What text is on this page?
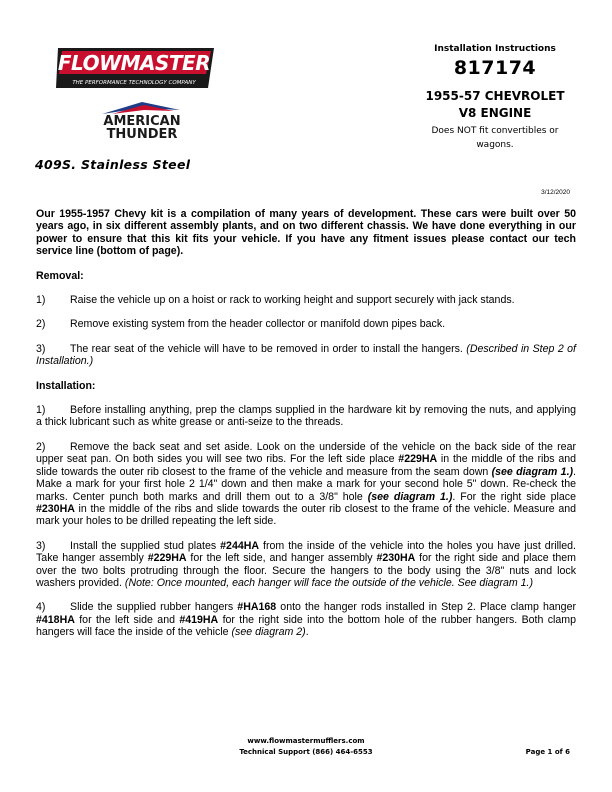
FLOWMASTER
THE PERFORMANCE TECHNOLOGY COMPANY
AMERICAN
THUNDER
409S. Stainless Steel
Installation Instructions
817174
1955-57 CHEVROLET
V8 ENGINE
Does NOT fit convertibles or wagons.
3/12/2020

Our 1955-1957 Chevy kit is a compilation of many years of development. These cars were built over 50 years ago, in six different assembly plants, and on two different chassis. We have done everything in our power to ensure that this kit fits your vehicle. If you have any fitment issues please contact our tech service line (bottom of page).

Removal:

1) Raise the vehicle up on a hoist or rack to working height and support securely with jack stands.

2) Remove existing system from the header collector or manifold down pipes back.

3) The rear seat of the vehicle will have to be removed in order to install the hangers. (Described in Step 2 of Installation.)

Installation:

1) Before installing anything, prep the clamps supplied in the hardware kit by removing the nuts, and applying a thick lubricant such as white grease or anti-seize to the threads.

2) Remove the back seat and set aside. Look on the underside of the vehicle on the back side of the rear upper seat pan. On both sides you will see two ribs. For the left side place #229HA in the middle of the ribs and slide towards the outer rib closest to the frame of the vehicle and measure from the seam down (see diagram 1.). Make a mark for your first hole 2 1/4" down and then make a mark for your second hole 5" down. Re-check the marks. Center punch both marks and drill them out to a 3/8" hole (see diagram 1.). For the right side place #230HA in the middle of the ribs and slide towards the outer rib closest to the frame of the vehicle. Measure and mark your holes to be drilled repeating the left side.

3) Install the supplied stud plates #244HA from the inside of the vehicle into the holes you have just drilled. Take hanger assembly #229HA for the left side, and hanger assembly #230HA for the right side and place them over the two bolts protruding through the floor. Secure the hangers to the body using the 3/8" nuts and lock washers provided. (Note: Once mounted, each hanger will face the outside of the vehicle. See diagram 1.)

4) Slide the supplied rubber hangers #HA168 onto the hanger rods installed in Step 2. Place clamp hanger #418HA for the left side and #419HA for the right side into the bottom hole of the rubber hangers. Both clamp hangers will face the inside of the vehicle (see diagram 2).

www.flowmastermufflers.com
Technical Support (866) 464-6553	Page 1 of 6
